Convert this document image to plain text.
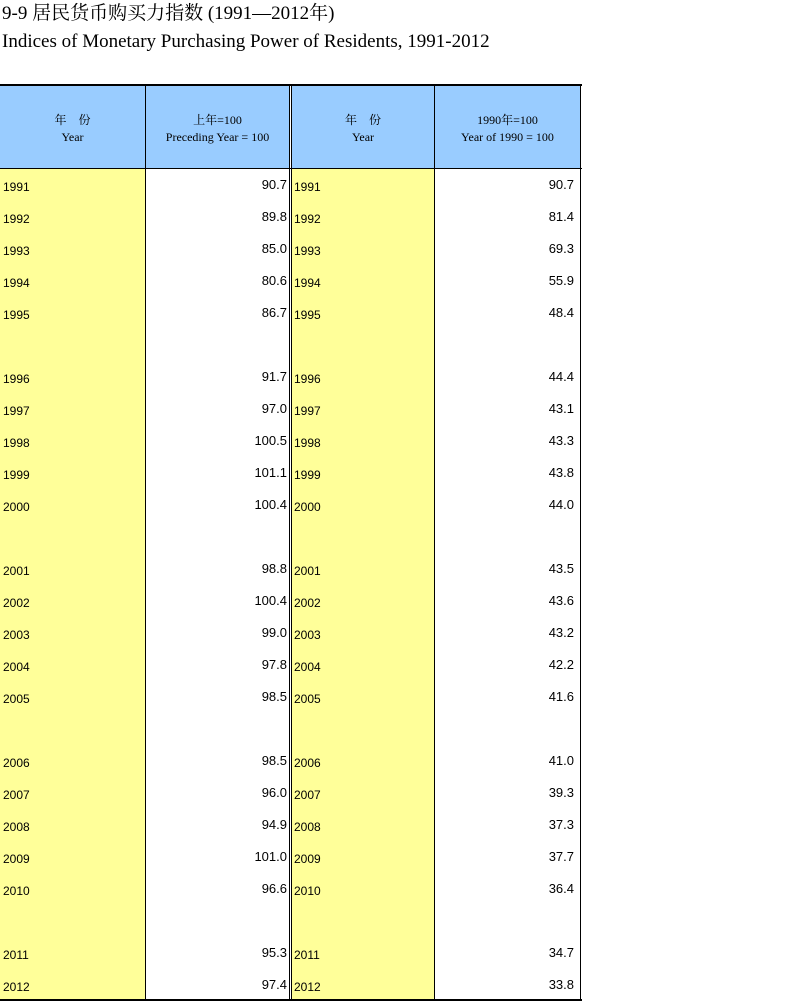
9-9 居民货币购买力指数 (1991—2012年)
Indices of Monetary Purchasing Power of Residents, 1991-2012
年　份
Year
上年=100
Preceding Year = 100
年　份
Year
1990年=100
Year of 1990 = 100
1991	90.7 1991	90.7
1992	89.8 1992	81.4
1993	85.0 1993	69.3
1994	80.6 1994	55.9
1995	86.7 1995	48.4
1996	91.7 1996	44.4
1997	97.0 1997	43.1
1998	100.5 1998	43.3
1999	101.1 1999	43.8
2000	100.4 2000	44.0
2001	98.8 2001	43.5
2002	100.4 2002	43.6
2003	99.0 2003	43.2
2004	97.8 2004	42.2
2005	98.5 2005	41.6
2006	98.5 2006	41.0
2007	96.0 2007	39.3
2008	94.9 2008	37.3
2009	101.0 2009	37.7
2010	96.6 2010	36.4
2011	95.3 2011	34.7
2012	97.4 2012	33.8
